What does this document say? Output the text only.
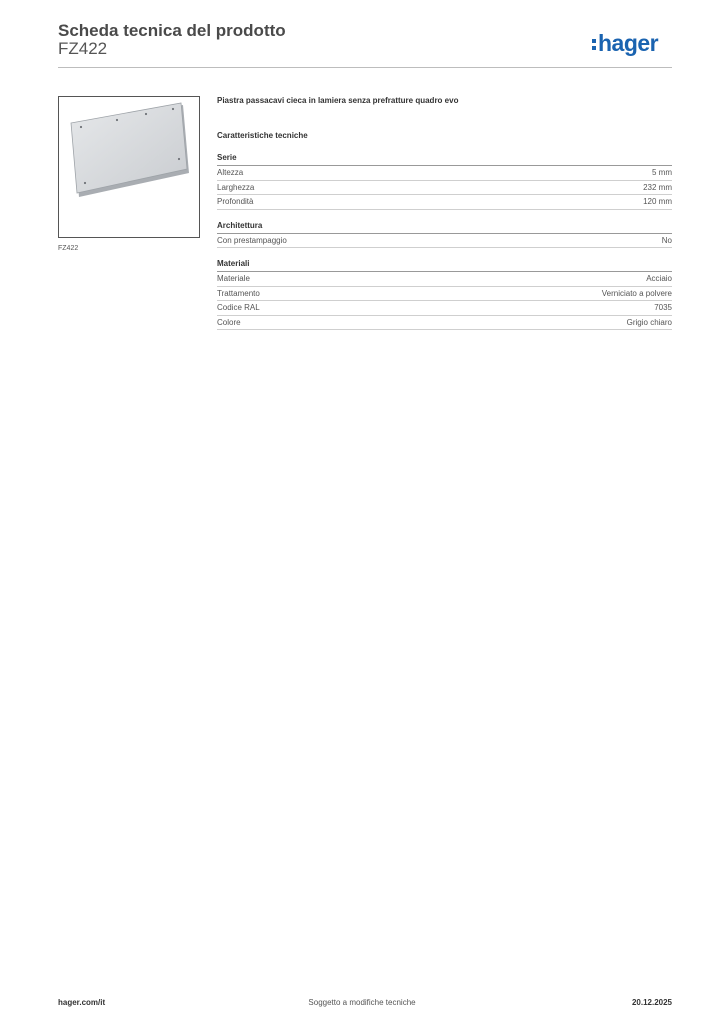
Scheda tecnica del prodotto
FZ422	hager
FZ422
Piastra passacavi cieca in lamiera senza prefratture quadro evo
Caratteristiche tecniche
Serie
Altezza	5 mm
Larghezza	232 mm
Profondità	120 mm
Architettura
Con prestampaggio	No
Materiali
Materiale	Acciaio
Trattamento	Verniciato a polvere
Codice RAL	7035
Colore	Grigio chiaro
hager.com/it	Soggetto a modifiche tecniche	20.12.2025
